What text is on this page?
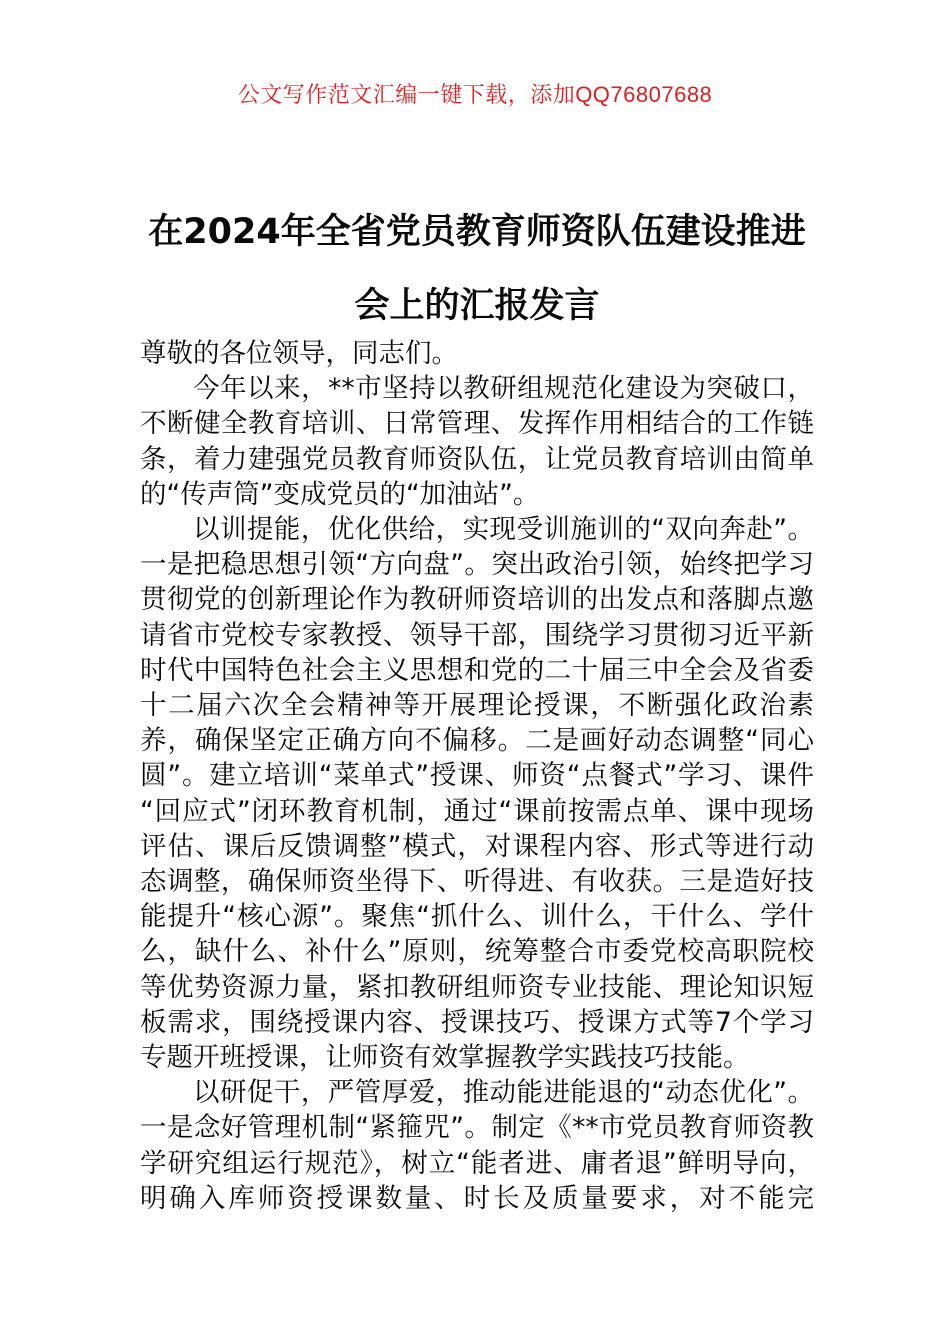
公文写作范文汇编一键下载，添加QQ76807688
在2024年全省党员教育师资队伍建设推进会上的汇报发言

尊敬的各位领导，同志们。

今年以来，**市坚持以教研组规范化建设为突破口，不断健全教育培训、日常管理、发挥作用相结合的工作链条，着力建强党员教育师资队伍，让党员教育培训由简单的“传声筒”变成党员的“加油站”。

以训提能，优化供给，实现受训施训的“双向奔赴”。一是把稳思想引领“方向盘”。突出政治引领，始终把学习贯彻党的创新理论作为教研师资培训的出发点和落脚点邀请省市党校专家教授、领导干部，围绕学习贯彻习近平新时代中国特色社会主义思想和党的二十届三中全会及省委十二届六次全会精神等开展理论授课，不断强化政治素养，确保坚定正确方向不偏移。二是画好动态调整“同心圆”。建立培训“菜单式”授课、师资“点餐式”学习、课件“回应式”闭环教育机制，通过“课前按需点单、课中现场评估、课后反馈调整”模式，对课程内容、形式等进行动态调整，确保师资坐得下、听得进、有收获。三是造好技能提升“核心源”。聚焦“抓什么、训什么，干什么、学什么，缺什么、补什么”原则，统筹整合市委党校高职院校等优势资源力量，紧扣教研组师资专业技能、理论知识短板需求，围绕授课内容、授课技巧、授课方式等7个学习专题开班授课，让师资有效掌握教学实践技巧技能。

以研促干，严管厚爱，推动能进能退的“动态优化”。一是念好管理机制“紧箍咒”。制定《**市党员教育师资教学研究组运行规范》，树立“能者进、庸者退”鲜明导向，明确入库师资授课数量、时长及质量要求，对不能完
